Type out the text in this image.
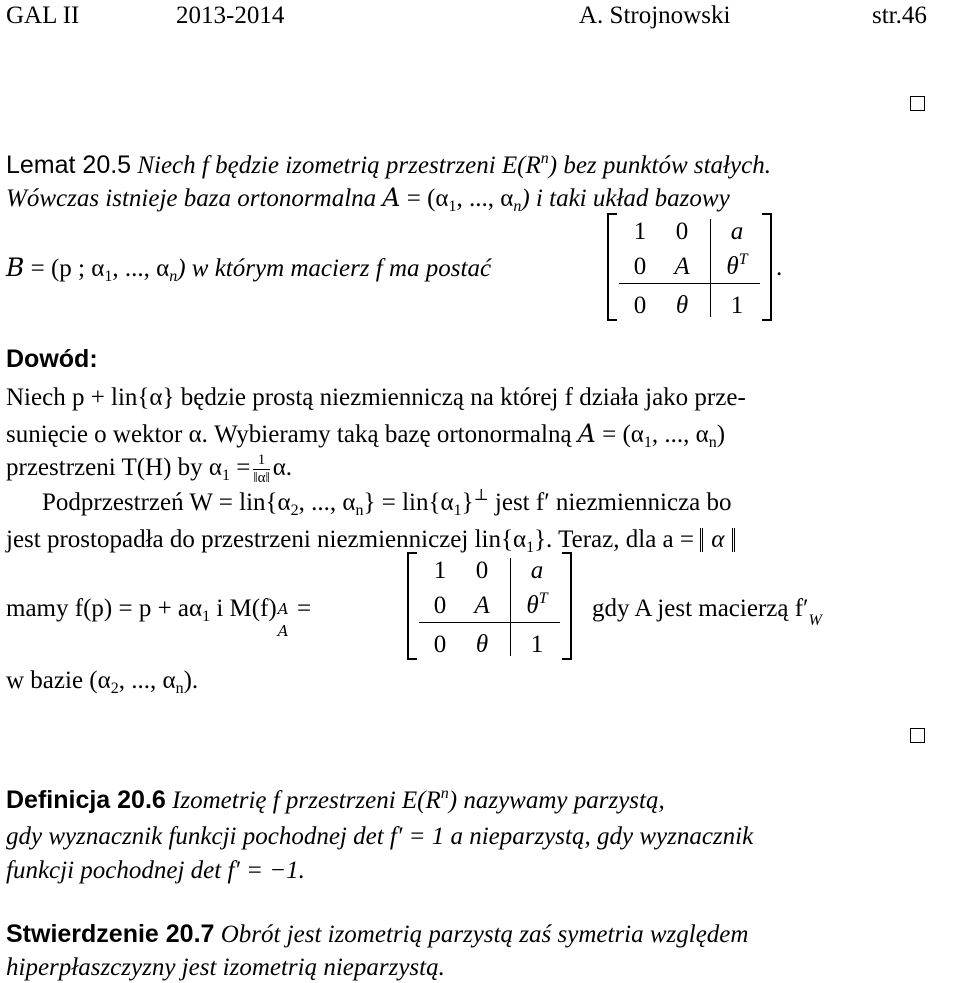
GAL II	2013-2014	A. Strojnowski	str.46
Lemat 20.5 Niech f będzie izometrią przestrzeni $E(R^n)$ bez punktów stałych.
Wówczas istnieje baza ortonormalna $A = (\alpha_1$, ..., $\alpha_n$) i taki układ bazowy
B = (p ; $\alpha_1$, ..., $\alpha_n$) w którym macierz f ma postać
1	0	a
0	A	$\theta^T$
0	θ	1
.
Dowód:
Niech p + lin{α} będzie prostą niezmienniczą na której f działa jako prze-
sunięcie o wektor α. Wybieramy taką bazę ortonormalną $A = (\alpha_1$, ..., $\alpha_n$)
przestrzeni T(H) by $\alpha_1 = \frac{1}{‖\alpha‖} \alpha$.
Podprzestrzeń $W = lin\{\alpha_2$, ..., $\alpha_n\} = lin\{\alpha_1\}^\perp$ jest f′ niezmiennicza bo
jest prostopadła do przestrzeni niezmienniczej $lin\{\alpha_1\}$. Teraz, dla a = α
mamy $f(p) = p + a\alpha_1$ i M(f) A
A
=
1	0	a
0	A	$\theta^T$
0	θ	1
gdy A jest macierzą $f'_W$
w bazie ($\alpha_2$, ..., $\alpha_n$).
Definicja 20.6 Izometrię f przestrzeni $E(R^n)$ nazywamy parzystą,
gdy wyznacznik funkcji pochodnej det f′ = 1 a nieparzystą, gdy wyznacznik
funkcji pochodnej det f′ = −1.
Stwierdzenie 20.7 Obrót jest izometrią parzystą zaś symetria względem
hiperpłaszczyzny jest izometrią nieparzystą.
